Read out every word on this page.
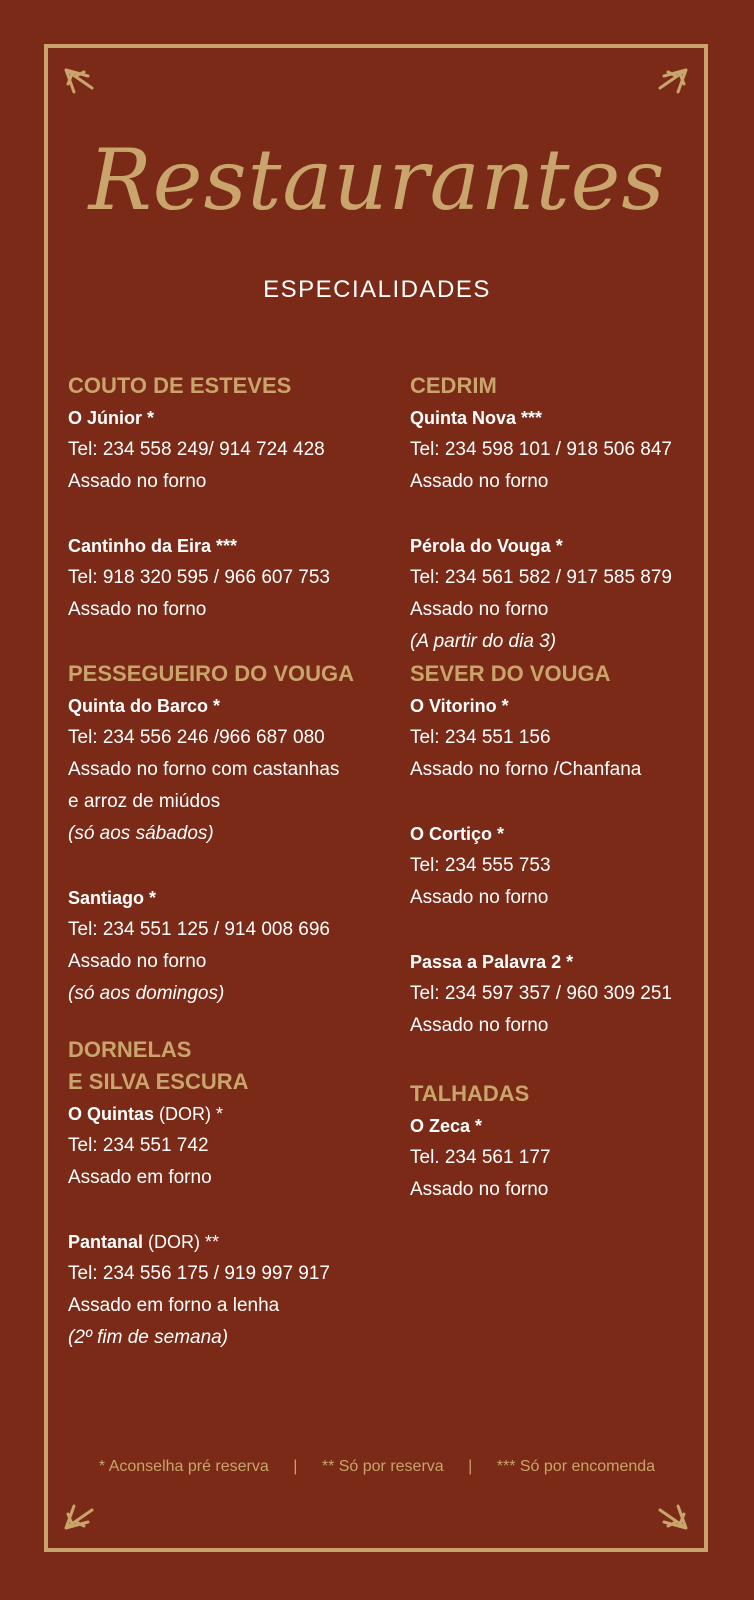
Restaurantes
ESPECIALIDADES
COUTO DE ESTEVES
O Júnior *
Tel: 234 558 249/ 914 724 428
Assado no forno
Cantinho da Eira ***
Tel: 918 320 595 / 966 607 753
Assado no forno
PESSEGUEIRO DO VOUGA
Quinta do Barco *
Tel: 234 556 246 /966 687 080
Assado no forno com castanhas
e arroz de miúdos
(só aos sábados)
Santiago *
Tel: 234 551 125 / 914 008 696
Assado no forno
(só aos domingos)
DORNELAS
E SILVA ESCURA
O Quintas (DOR) *
Tel: 234 551 742
Assado em forno
Pantanal (DOR) **
Tel: 234 556 175 / 919 997 917
Assado em forno a lenha
(2º fim de semana)
CEDRIM
Quinta Nova ***
Tel: 234 598 101 / 918 506 847
Assado no forno
Pérola do Vouga *
Tel: 234 561 582 / 917 585 879
Assado no forno
(A partir do dia 3)
SEVER DO VOUGA
O Vitorino *
Tel: 234 551 156
Assado no forno /Chanfana
O Cortiço *
Tel: 234 555 753
Assado no forno
Passa a Palavra 2 *
Tel: 234 597 357 / 960 309 251
Assado no forno
TALHADAS
O Zeca *
Tel. 234 561 177
Assado no forno
* Aconselha pré reserva | ** Só por reserva | *** Só por encomenda
